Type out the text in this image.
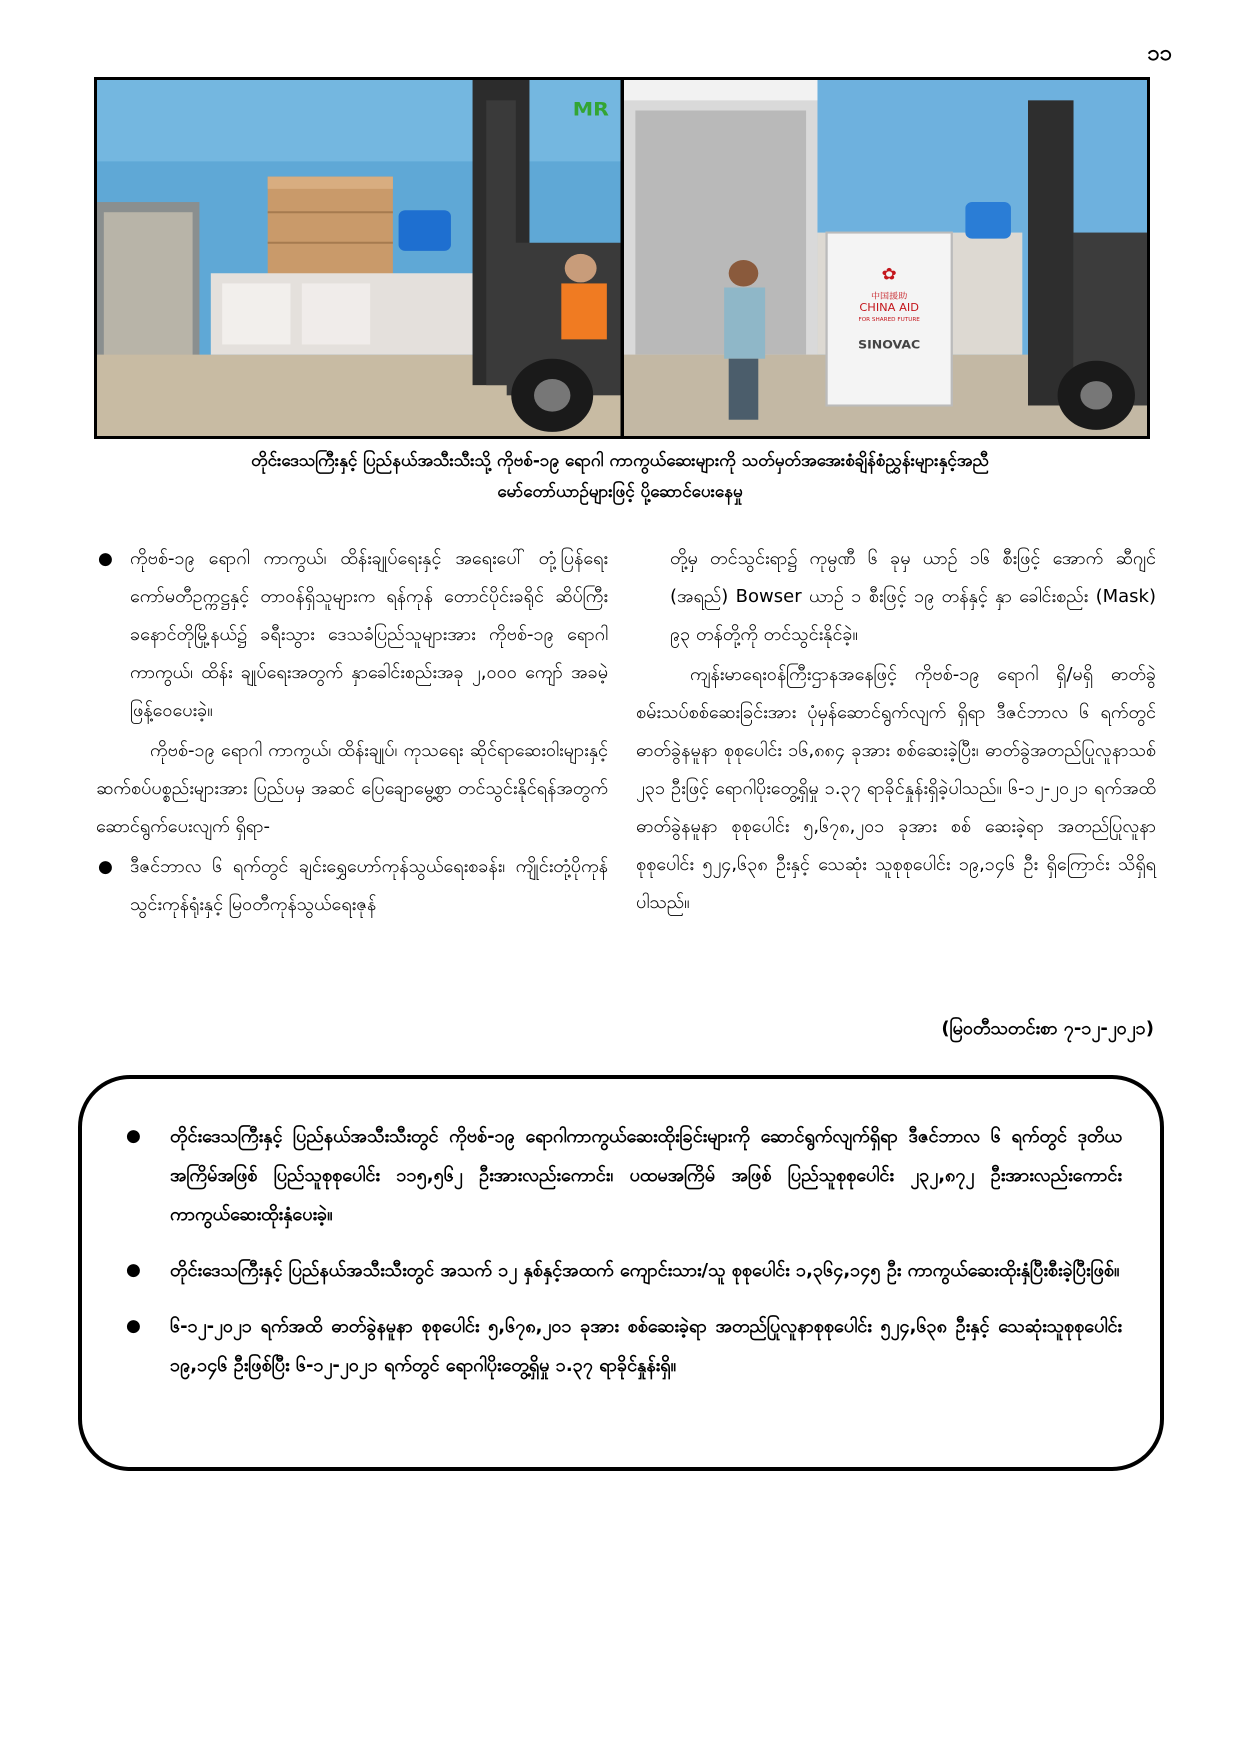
၁၁
MR
✿
中国援助
CHINA AID
FOR SHARED FUTURE
SINOVAC
တိုင်းဒေသကြီးနှင့် ပြည်နယ်အသီးသီးသို့ ကိုဗစ်-၁၉ ရောဂါ ကာကွယ်ဆေးများကို သတ်မှတ်အအေးစံချိန်စံညွှန်းများနှင့်အညီ
မော်တော်ယာဉ်များဖြင့် ပို့ဆောင်ပေးနေမှု

● ကိုဗစ်-၁၉ ရောဂါ ကာကွယ်၊ ထိန်းချုပ်ရေးနှင့် အရေးပေါ် တုံ့ပြန်ရေးကော်မတီဥက္ကဋ္ဌနှင့် တာဝန်ရှိသူများက ရန်ကုန် တောင်ပိုင်းခရိုင် ဆိပ်ကြီးခနောင်တိုမြို့နယ်၌ ခရီးသွား ဒေသခံပြည်သူများအား ကိုဗစ်-၁၉ ရောဂါ ကာကွယ်၊ ထိန်း ချုပ်ရေးအတွက် နှာခေါင်းစည်းအခု ၂,၀၀၀ ကျော် အခမဲ့ ဖြန့်ဝေပေးခဲ့။

ကိုဗစ်-၁၉ ရောဂါ ကာကွယ်၊ ထိန်းချုပ်၊ ကုသရေး ဆိုင်ရာဆေးဝါးများနှင့် ဆက်စပ်ပစ္စည်းများအား ပြည်ပမှ အဆင် ပြေချောမွေ့စွာ တင်သွင်းနိုင်ရန်အတွက် ဆောင်ရွက်ပေးလျက် ရှိရာ-

● ဒီဇင်ဘာလ ၆ ရက်တွင် ချင်းရွှေဟော်ကုန်သွယ်ရေးစခန်း၊ ကျိုင်းတုံ့ပိုကုန်သွင်းကုန်ရုံးနှင့် မြဝတီကုန်သွယ်ရေးဇုန်

တို့မှ တင်သွင်းရာ၌ ကုမ္ပဏီ ၆ ခုမှ ယာဉ် ၁၆ စီးဖြင့် အောက် ဆီဂျင် (အရည်) Bowser ယာဉ် ၁ စီးဖြင့် ၁၉ တန်နှင့် နှာ ခေါင်းစည်း (Mask) ၉၃ တန်တို့ကို တင်သွင်းနိုင်ခဲ့။

ကျန်းမာရေးဝန်ကြီးဌာနအနေဖြင့် ကိုဗစ်-၁၉ ရောဂါ ရှိ/မရှိ ဓာတ်ခွဲစမ်းသပ်စစ်ဆေးခြင်းအား ပုံမှန်ဆောင်ရွက်လျက် ရှိရာ ဒီဇင်ဘာလ ၆ ရက်တွင် ဓာတ်ခွဲနမူနာ စုစုပေါင်း ၁၆,၈၈၄ ခုအား စစ်ဆေးခဲ့ပြီး၊ ဓာတ်ခွဲအတည်ပြုလူနာသစ် ၂၃၁ ဦးဖြင့် ရောဂါပိုးတွေ့ရှိမှု ၁.၃၇ ရာခိုင်နှုန်းရှိခဲ့ပါသည်။ ၆-၁၂-၂၀၂၁ ရက်အထိ ဓာတ်ခွဲနမူနာ စုစုပေါင်း ၅,၆၇၈,၂၀၁ ခုအား စစ် ဆေးခဲ့ရာ အတည်ပြုလူနာစုစုပေါင်း ၅၂၄,၆၃၈ ဦးနှင့် သေဆုံး သူစုစုပေါင်း ၁၉,၁၄၆ ဦး ရှိကြောင်း သိရှိရပါသည်။

(မြဝတီသတင်းစာ ၇-၁၂-၂၀၂၁)
● တိုင်းဒေသကြီးနှင့် ပြည်နယ်အသီးသီးတွင် ကိုဗစ်-၁၉ ရောဂါကာကွယ်ဆေးထိုးခြင်းများကို ဆောင်ရွက်လျက်ရှိရာ ဒီဇင်ဘာလ ၆ ရက်တွင် ဒုတိယအကြိမ်အဖြစ် ပြည်သူစုစုပေါင်း ၁၁၅,၅၆၂ ဦးအားလည်းကောင်း၊ ပထမအကြိမ် အဖြစ် ပြည်သူစုစုပေါင်း ၂၃၂,၈၇၂ ဦးအားလည်းကောင်း ကာကွယ်ဆေးထိုးနှံပေးခဲ့။
● တိုင်းဒေသကြီးနှင့် ပြည်နယ်အသီးသီးတွင် အသက် ၁၂ နှစ်နှင့်အထက် ကျောင်းသား/သူ စုစုပေါင်း ၁,၃၆၄,၁၄၅ ဦး ကာကွယ်ဆေးထိုးနှံပြီးစီးခဲ့ပြီးဖြစ်။
● ၆-၁၂-၂၀၂၁ ရက်အထိ ဓာတ်ခွဲနမူနာ စုစုပေါင်း ၅,၆၇၈,၂၀၁ ခုအား စစ်ဆေးခဲ့ရာ အတည်ပြုလူနာစုစုပေါင်း ၅၂၄,၆၃၈ ဦးနှင့် သေဆုံးသူစုစုပေါင်း ၁၉,၁၄၆ ဦးဖြစ်ပြီး ၆-၁၂-၂၀၂၁ ရက်တွင် ရောဂါပိုးတွေ့ရှိမှု ၁.၃၇ ရာခိုင်နှုန်းရှိ။
